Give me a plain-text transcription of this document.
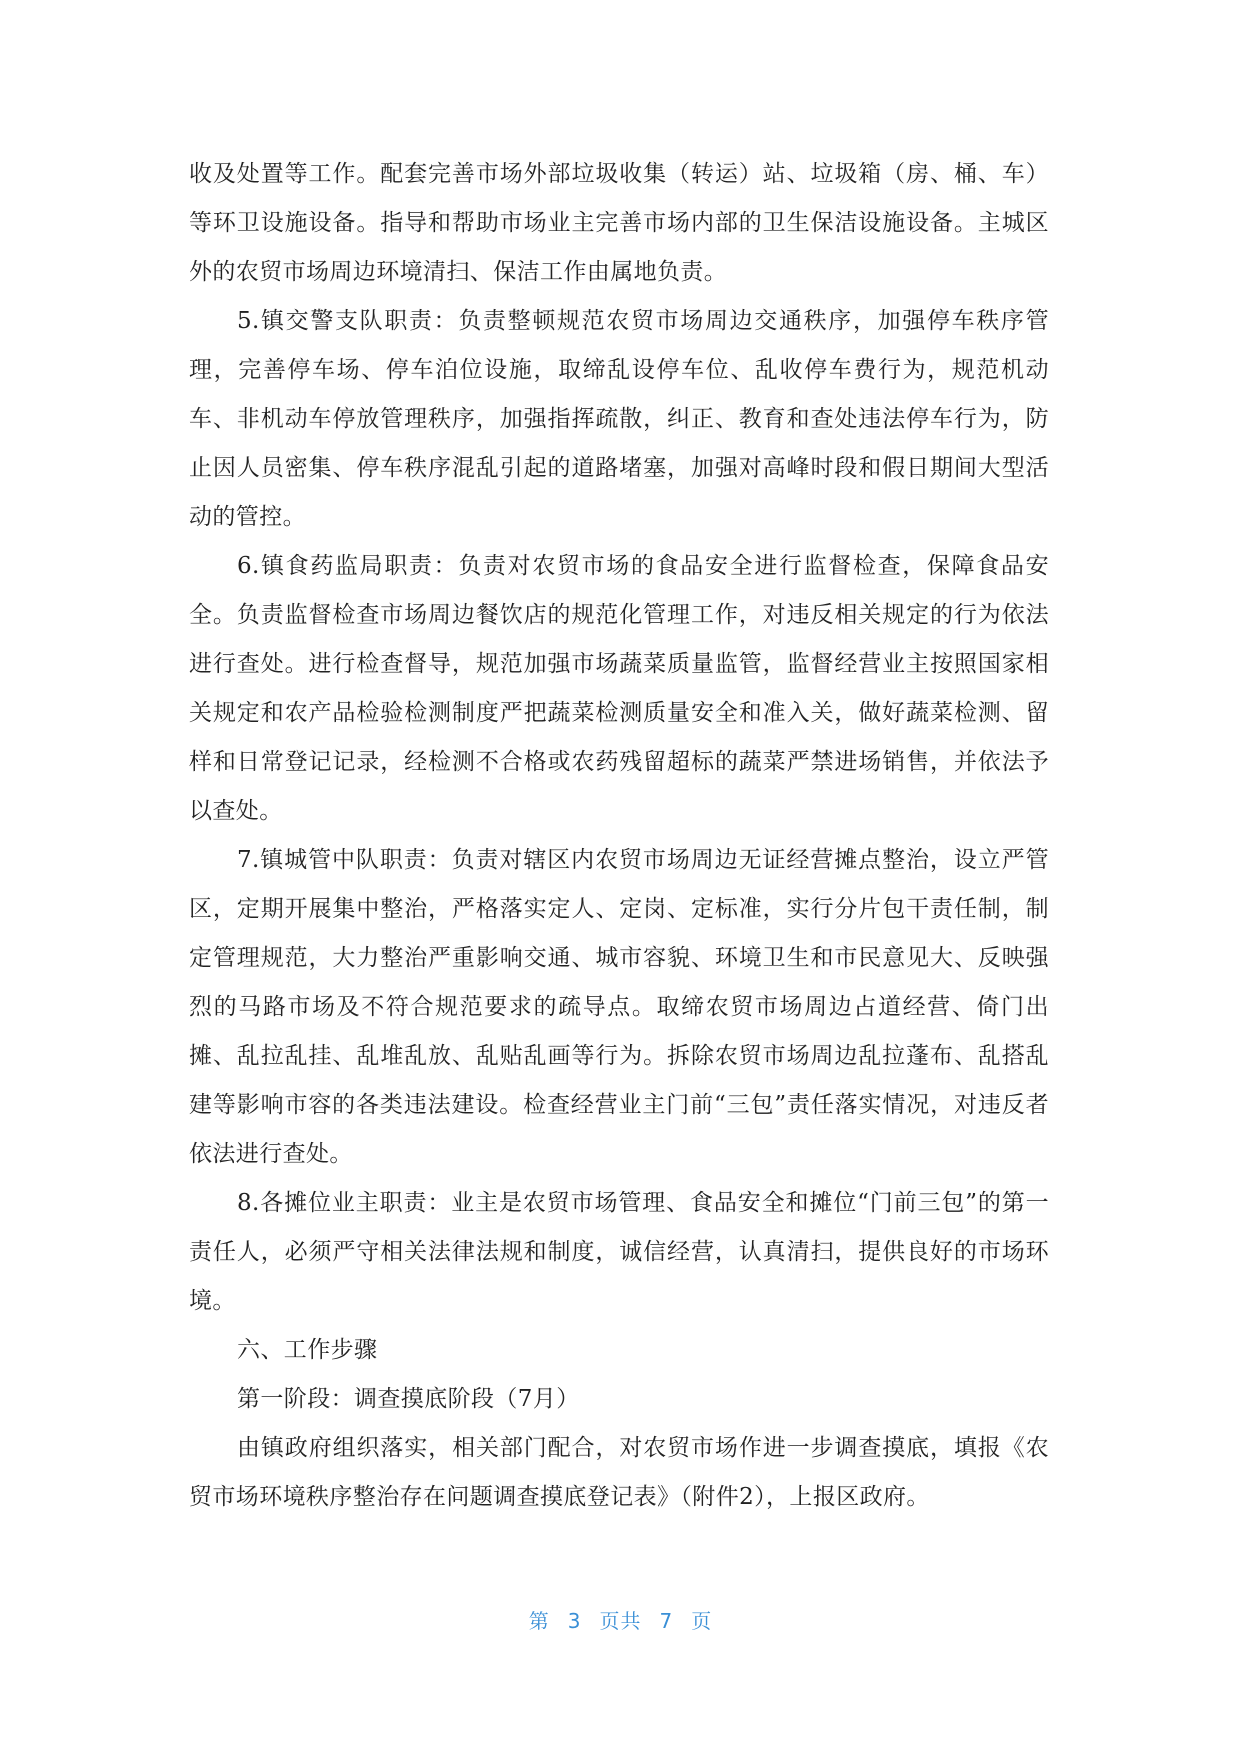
收及处置等工作。配套完善市场外部垃圾收集（转运）站、垃圾箱（房、桶、车）等环卫设施设备。指导和帮助市场业主完善市场内部的卫生保洁设施设备。主城区外的农贸市场周边环境清扫、保洁工作由属地负责。

5.镇交警支队职责：负责整顿规范农贸市场周边交通秩序，加强停车秩序管理，完善停车场、停车泊位设施，取缔乱设停车位、乱收停车费行为，规范机动车、非机动车停放管理秩序，加强指挥疏散，纠正、教育和查处违法停车行为，防止因人员密集、停车秩序混乱引起的道路堵塞，加强对高峰时段和假日期间大型活动的管控。

6.镇食药监局职责：负责对农贸市场的食品安全进行监督检查，保障食品安全。负责监督检查市场周边餐饮店的规范化管理工作，对违反相关规定的行为依法进行查处。进行检查督导，规范加强市场蔬菜质量监管，监督经营业主按照国家相关规定和农产品检验检测制度严把蔬菜检测质量安全和准入关，做好蔬菜检测、留样和日常登记记录，经检测不合格或农药残留超标的蔬菜严禁进场销售，并依法予以查处。

7.镇城管中队职责：负责对辖区内农贸市场周边无证经营摊点整治，设立严管区，定期开展集中整治，严格落实定人、定岗、定标准，实行分片包干责任制，制定管理规范，大力整治严重影响交通、城市容貌、环境卫生和市民意见大、反映强烈的马路市场及不符合规范要求的疏导点。取缔农贸市场周边占道经营、倚门出摊、乱拉乱挂、乱堆乱放、乱贴乱画等行为。拆除农贸市场周边乱拉蓬布、乱搭乱建等影响市容的各类违法建设。检查经营业主门前“三包”责任落实情况，对违反者依法进行查处。

8.各摊位业主职责：业主是农贸市场管理、食品安全和摊位“门前三包”的第一责任人，必须严守相关法律法规和制度，诚信经营，认真清扫，提供良好的市场环境。

六、工作步骤

第一阶段：调查摸底阶段（7月）

由镇政府组织落实，相关部门配合，对农贸市场作进一步调查摸底，填报《农贸市场环境秩序整治存在问题调查摸底登记表》（附件2），上报区政府。

第 3 页共 7 页
